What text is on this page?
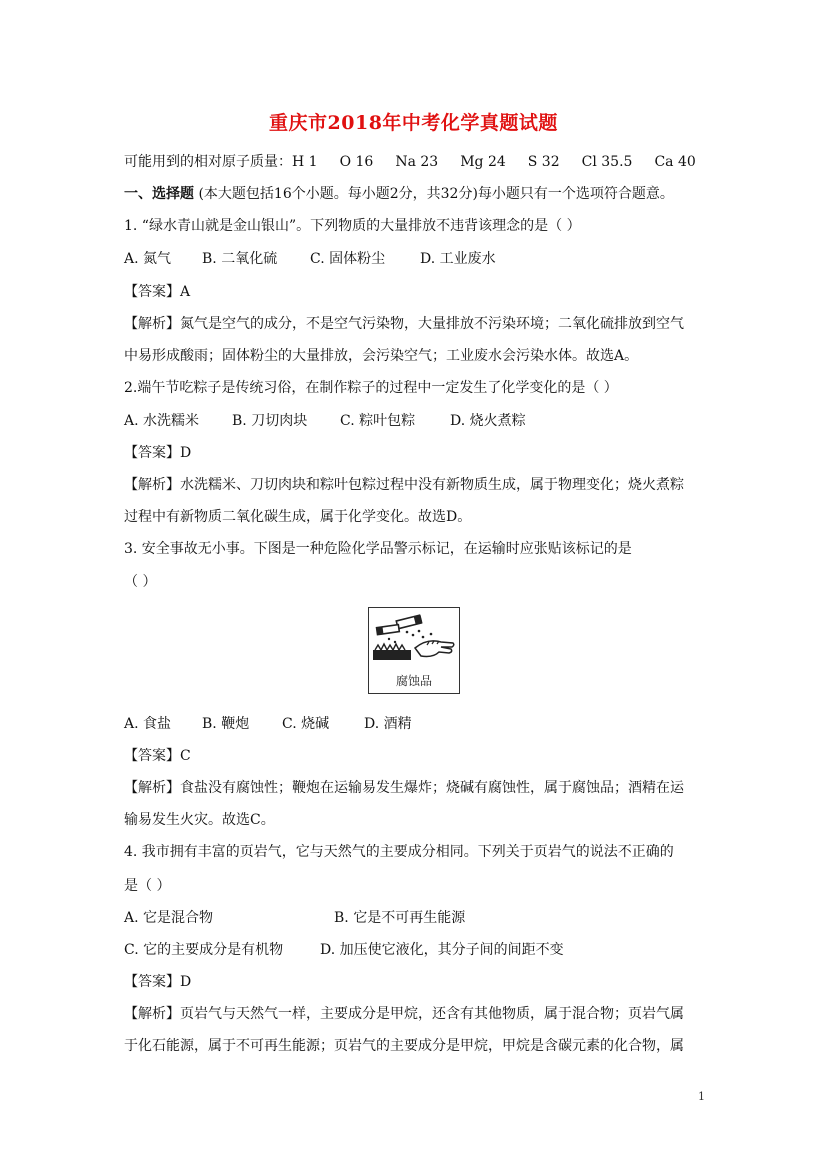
重庆市2018年中考化学真题试题
可能用到的相对原子质量：H 1 O 16 Na 23 Mg 24 S 32 Cl 35.5 Ca 40
一、选择题 (本大题包括16个小题。每小题2分，共32分)每小题只有一个选项符合题意。
1. “绿水青山就是金山银山”。下列物质的大量排放不违背该理念的是（ ）
A. 氮气 B. 二氧化硫 C. 固体粉尘 D. 工业废水
【答案】A
【解析】氮气是空气的成分，不是空气污染物，大量排放不污染环境；二氧化硫排放到空气
中易形成酸雨；固体粉尘的大量排放，会污染空气；工业废水会污染水体。故选A。
2.端午节吃粽子是传统习俗，在制作粽子的过程中一定发生了化学变化的是（ ）
A. 水洗糯米 B. 刀切肉块 C. 粽叶包粽 D. 烧火煮粽
【答案】D
【解析】水洗糯米、刀切肉块和粽叶包粽过程中没有新物质生成，属于物理变化；烧火煮粽
过程中有新物质二氧化碳生成，属于化学变化。故选D。
3. 安全事故无小事。下图是一种危险化学品警示标记，在运输时应张贴该标记的是
（ ）
腐蚀品
A. 食盐 B. 鞭炮 C. 烧碱 D. 酒精
【答案】C
【解析】食盐没有腐蚀性；鞭炮在运输易发生爆炸；烧碱有腐蚀性，属于腐蚀品；酒精在运
输易发生火灾。故选C。
4. 我市拥有丰富的页岩气，它与天然气的主要成分相同。下列关于页岩气的说法不正确的
是（ ）
A. 它是混合物	B. 它是不可再生能源
C. 它的主要成分是有机物	D. 加压使它液化，其分子间的间距不变
【答案】D
【解析】页岩气与天然气一样，主要成分是甲烷，还含有其他物质，属于混合物；页岩气属
于化石能源，属于不可再生能源；页岩气的主要成分是甲烷，甲烷是含碳元素的化合物，属
1
